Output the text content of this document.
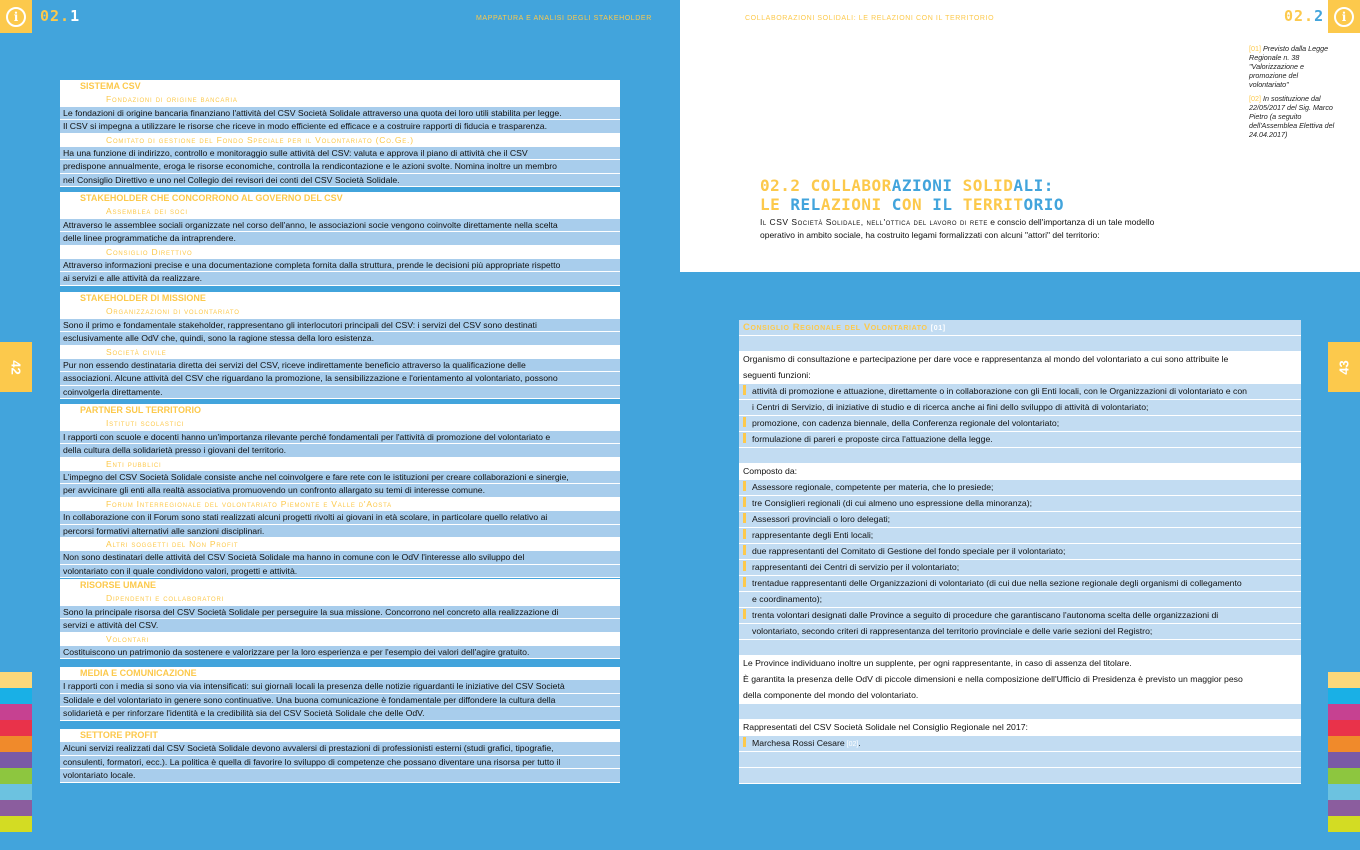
i	02.1	MAPPATURA E ANALISI DEGLI STAKEHOLDER	COLLABORAZIONI SOLIDALI: LE RELAZIONI CON IL TERRITORIO	02.2	i
42	43
SISTEMA CSV
Fondazioni di origine bancaria
Le fondazioni di origine bancaria finanziano l'attività del CSV Società Solidale attraverso una quota dei loro utili stabilita per legge.
Il CSV si impegna a utilizzare le risorse che riceve in modo efficiente ed efficace e a costruire rapporti di fiducia e trasparenza.
Comitato di gestione del Fondo Speciale per il Volontariato (Co.Ge.)
Ha una funzione di indirizzo, controllo e monitoraggio sulle attività del CSV: valuta e approva il piano di attività che il CSV
predispone annualmente, eroga le risorse economiche, controlla la rendicontazione e le azioni svolte. Nomina inoltre un membro
nel Consiglio Direttivo e uno nel Collegio dei revisori dei conti del CSV Società Solidale.
STAKEHOLDER CHE CONCORRONO AL GOVERNO DEL CSV
Assemblea dei soci
Attraverso le assemblee sociali organizzate nel corso dell'anno, le associazioni socie vengono coinvolte direttamente nella scelta
delle linee programmatiche da intraprendere.
Consiglio Direttivo
Attraverso informazioni precise e una documentazione completa fornita dalla struttura, prende le decisioni più appropriate rispetto
ai servizi e alle attività da realizzare.
STAKEHOLDER DI MISSIONE
Organizzazioni di volontariato
Sono il primo e fondamentale stakeholder, rappresentano gli interlocutori principali del CSV: i servizi del CSV sono destinati
esclusivamente alle OdV che, quindi, sono la ragione stessa della loro esistenza.
Società civile
Pur non essendo destinataria diretta dei servizi del CSV, riceve indirettamente beneficio attraverso la qualificazione delle
associazioni. Alcune attività del CSV che riguardano la promozione, la sensibilizzazione e l'orientamento al volontariato, possono
coinvolgerla direttamente.
PARTNER SUL TERRITORIO
Istituti scolastici
I rapporti con scuole e docenti hanno un'importanza rilevante perché fondamentali per l'attività di promozione del volontariato e
della cultura della solidarietà presso i giovani del territorio.
Enti pubblici
L'impegno del CSV Società Solidale consiste anche nel coinvolgere e fare rete con le istituzioni per creare collaborazioni e sinergie,
per avvicinare gli enti alla realtà associativa promuovendo un confronto allargato su temi di interesse comune.
Forum Interregionale del volontariato Piemonte e Valle d'Aosta
In collaborazione con il Forum sono stati realizzati alcuni progetti rivolti ai giovani in età scolare, in particolare quello relativo ai
percorsi formativi alternativi alle sanzioni disciplinari.
Altri soggetti del Non Profit
Non sono destinatari delle attività del CSV Società Solidale ma hanno in comune con le OdV l'interesse allo sviluppo del
volontariato con il quale condividono valori, progetti e attività.
RISORSE UMANE
Dipendenti e collaboratori
Sono la principale risorsa del CSV Società Solidale per perseguire la sua missione. Concorrono nel concreto alla realizzazione di
servizi e attività del CSV.
Volontari
Costituiscono un patrimonio da sostenere e valorizzare per la loro esperienza e per l'esempio dei valori dell'agire gratuito.
MEDIA E COMUNICAZIONE
I rapporti con i media si sono via via intensificati: sui giornali locali la presenza delle notizie riguardanti le iniziative del CSV Società
Solidale e del volontariato in genere sono continuative. Una buona comunicazione è fondamentale per diffondere la cultura della
solidarietà e per rinforzare l'identità e la credibilità sia del CSV Società Solidale che delle OdV.
SETTORE PROFIT
Alcuni servizi realizzati dal CSV Società Solidale devono avvalersi di prestazioni di professionisti esterni (studi grafici, tipografie,
consulenti, formatori, ecc.). La politica è quella di favorire lo sviluppo di competenze che possano diventare una risorsa per tutto il
volontariato locale.

[01] Previsto dalla Legge Regionale n. 38 "Valorizzazione e promozione del volontariato"

[02] In sostituzione dal 22/05/2017 del Sig. Marco Pietro (a seguito dell'Assemblea Elettiva del 24.04.2017)

02.2 COLLABORAZIONI SOLIDALI:
LE RELAZIONI CON IL TERRITORIO
Il CSV Società Solidale, nell'ottica del lavoro di rete e conscio dell'importanza di un tale modello operativo in ambito sociale, ha costruito legami formalizzati con alcuni "attori" del territorio:
Consiglio Regionale del Volontariato [01]
Organismo di consultazione e partecipazione per dare voce e rappresentanza al mondo del volontariato a cui sono attribuite le
seguenti funzioni:
attività di promozione e attuazione, direttamente o in collaborazione con gli Enti locali, con le Organizzazioni di volontariato e con
i Centri di Servizio, di iniziative di studio e di ricerca anche ai fini dello sviluppo di attività di volontariato;
promozione, con cadenza biennale, della Conferenza regionale del volontariato;
formulazione di pareri e proposte circa l'attuazione della legge.
Composto da:
Assessore regionale, competente per materia, che lo presiede;
tre Consiglieri regionali (di cui almeno uno espressione della minoranza);
Assessori provinciali o loro delegati;
rappresentante degli Enti locali;
due rappresentanti del Comitato di Gestione del fondo speciale per il volontariato;
rappresentanti dei Centri di servizio per il volontariato;
trentadue rappresentanti delle Organizzazioni di volontariato (di cui due nella sezione regionale degli organismi di collegamento
e coordinamento);
trenta volontari designati dalle Province a seguito di procedure che garantiscano l'autonoma scelta delle organizzazioni di
volontariato, secondo criteri di rappresentanza del territorio provinciale e delle varie sezioni del Registro;
Le Province individuano inoltre un supplente, per ogni rappresentante, in caso di assenza del titolare.
È garantita la presenza delle OdV di piccole dimensioni e nella composizione dell'Ufficio di Presidenza è previsto un maggior peso
della componente del mondo del volontariato.
Rappresentati del CSV Società Solidale nel Consiglio Regionale nel 2017:
Marchesa Rossi Cesare [02].
